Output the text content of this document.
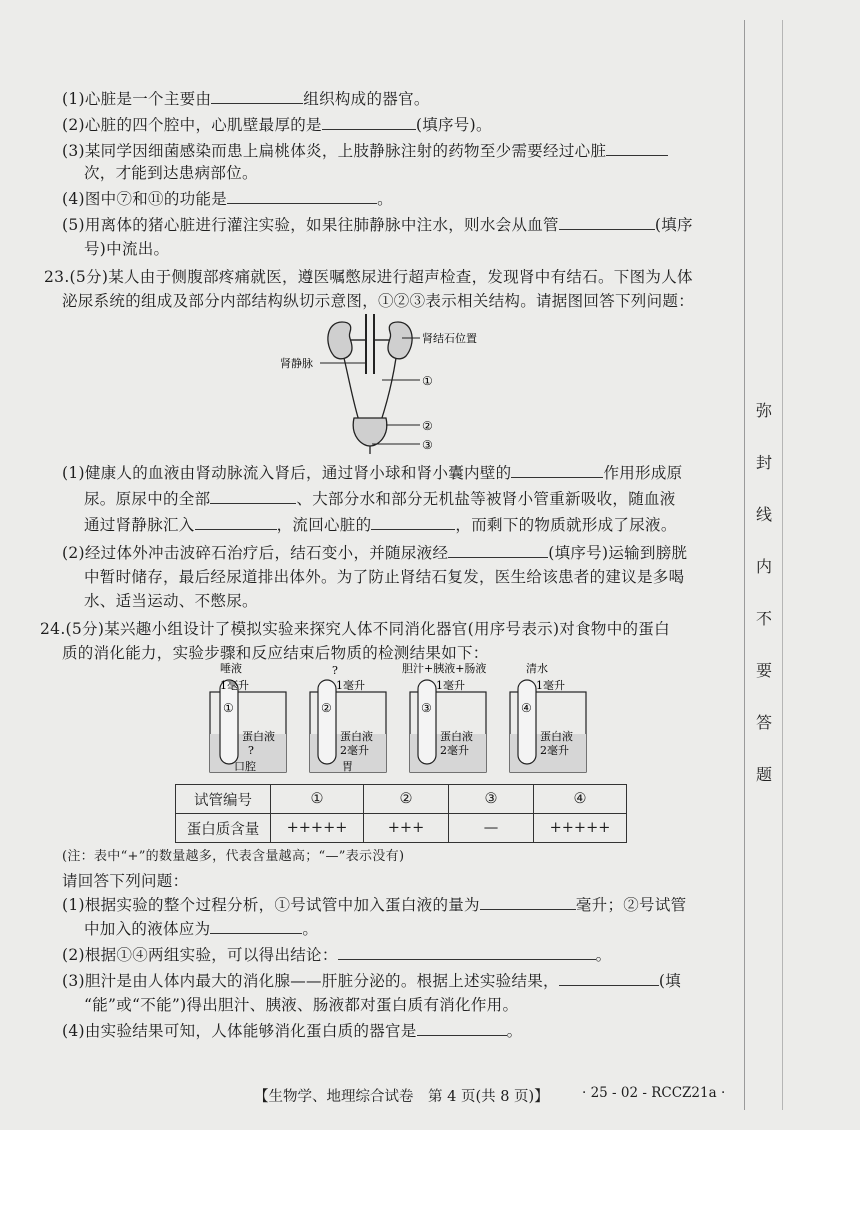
(1)心脏是一个主要由	组织构成的器官。
(2)心脏的四个腔中，心肌壁最厚的是	(填序号)。
(3)某同学因细菌感染而患上扁桃体炎，上肢静脉注射的药物至少需要经过心脏
次，才能到达患病部位。
(4)图中⑦和⑪的功能是	。
(5)用离体的猪心脏进行灌注实验，如果往肺静脉中注水，则水会从血管	(填序
号)中流出。
23.(5分)某人由于侧腹部疼痛就医，遵医嘱憋尿进行超声检查，发现肾中有结石。下图为人体
泌尿系统的组成及部分内部结构纵切示意图，①②③表示相关结构。请据图回答下列问题：
肾结石位置
肾静脉
①
②
③
(1)健康人的血液由肾动脉流入肾后，通过肾小球和肾小囊内壁的	作用形成原
尿。原尿中的全部	、大部分水和部分无机盐等被肾小管重新吸收，随血液
通过肾静脉汇入	，流回心脏的	，而剩下的物质就形成了尿液。
(2)经过体外冲击波碎石治疗后，结石变小，并随尿液经	(填序号)运输到膀胱
中暂时储存，最后经尿道排出体外。为了防止肾结石复发，医生给该患者的建议是多喝
水、适当运动、不憋尿。
24.(5分)某兴趣小组设计了模拟实验来探究人体不同消化器官(用序号表示)对食物中的蛋白
质的消化能力，实验步骤和反应结束后物质的检测结果如下：
①
唾液
1毫升
蛋白液
?
口腔
②
?
1毫升
蛋白液
2毫升
胃
③
胆汁+胰液+肠液
1毫升
蛋白液
2毫升
④
清水
1毫升
蛋白液
2毫升
试管编号	①	②	③	④
蛋白质含量	+++++	+++	—	+++++
(注：表中“+”的数量越多，代表含量越高；“—”表示没有)
请回答下列问题：
(1)根据实验的整个过程分析，①号试管中加入蛋白液的量为	毫升；②号试管
中加入的液体应为	。
(2)根据①④两组实验，可以得出结论：	。
(3)胆汁是由人体内最大的消化腺——肝脏分泌的。根据上述实验结果，	(填
“能”或“不能”)得出胆汁、胰液、肠液都对蛋白质有消化作用。
(4)由实验结果可知，人体能够消化蛋白质的器官是	。
弥
封
线
内
不
要
答
题
【生物学、地理综合试卷　第 4 页(共 8 页)】 · 25 - 02 - RCCZ21a ·
